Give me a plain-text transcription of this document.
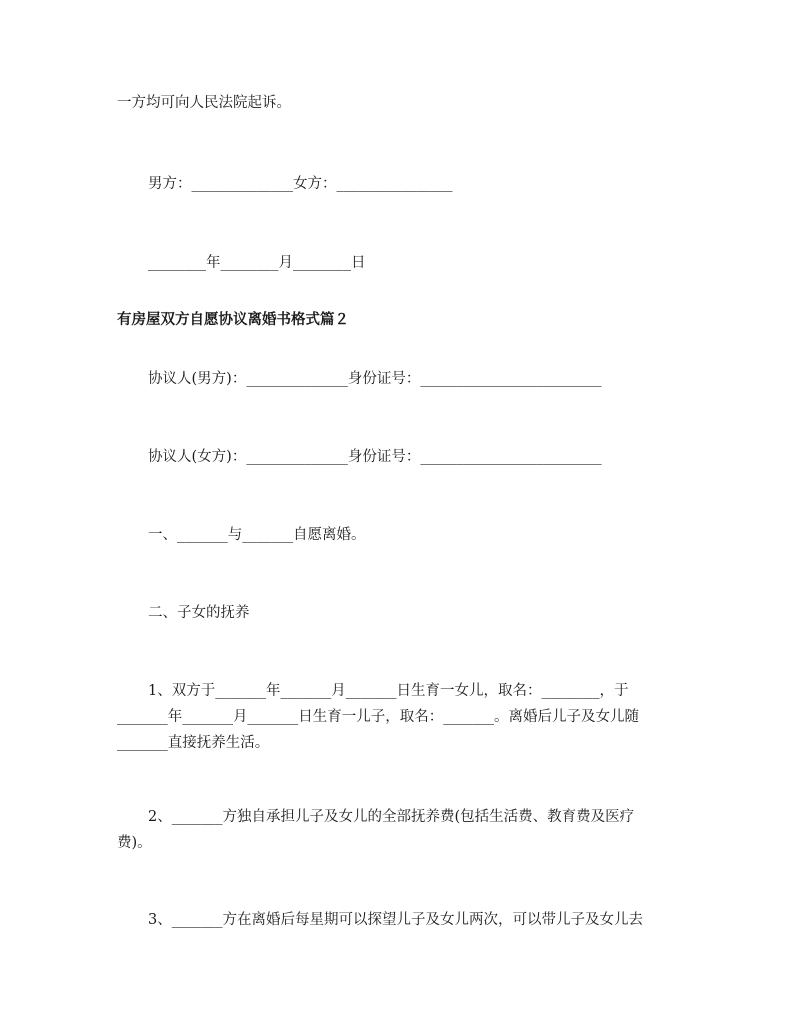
一方均可向人民法院起诉。
男方：______________女方：________________
________年________月________日
有房屋双方自愿协议离婚书格式篇２
协议人(男方)：______________身份证号：_________________________
协议人(女方)：______________身份证号：_________________________
一、_______与_______自愿离婚。
二、子女的抚养
1、双方于_______年_______月_______日生育一女儿，取名：________，于
_______年_______月_______日生育一儿子，取名：_______。离婚后儿子及女儿随
_______直接抚养生活。
2、_______方独自承担儿子及女儿的全部抚养费(包括生活费、教育费及医疗
费)。
3、_______方在离婚后每星期可以探望儿子及女儿两次，可以带儿子及女儿去
